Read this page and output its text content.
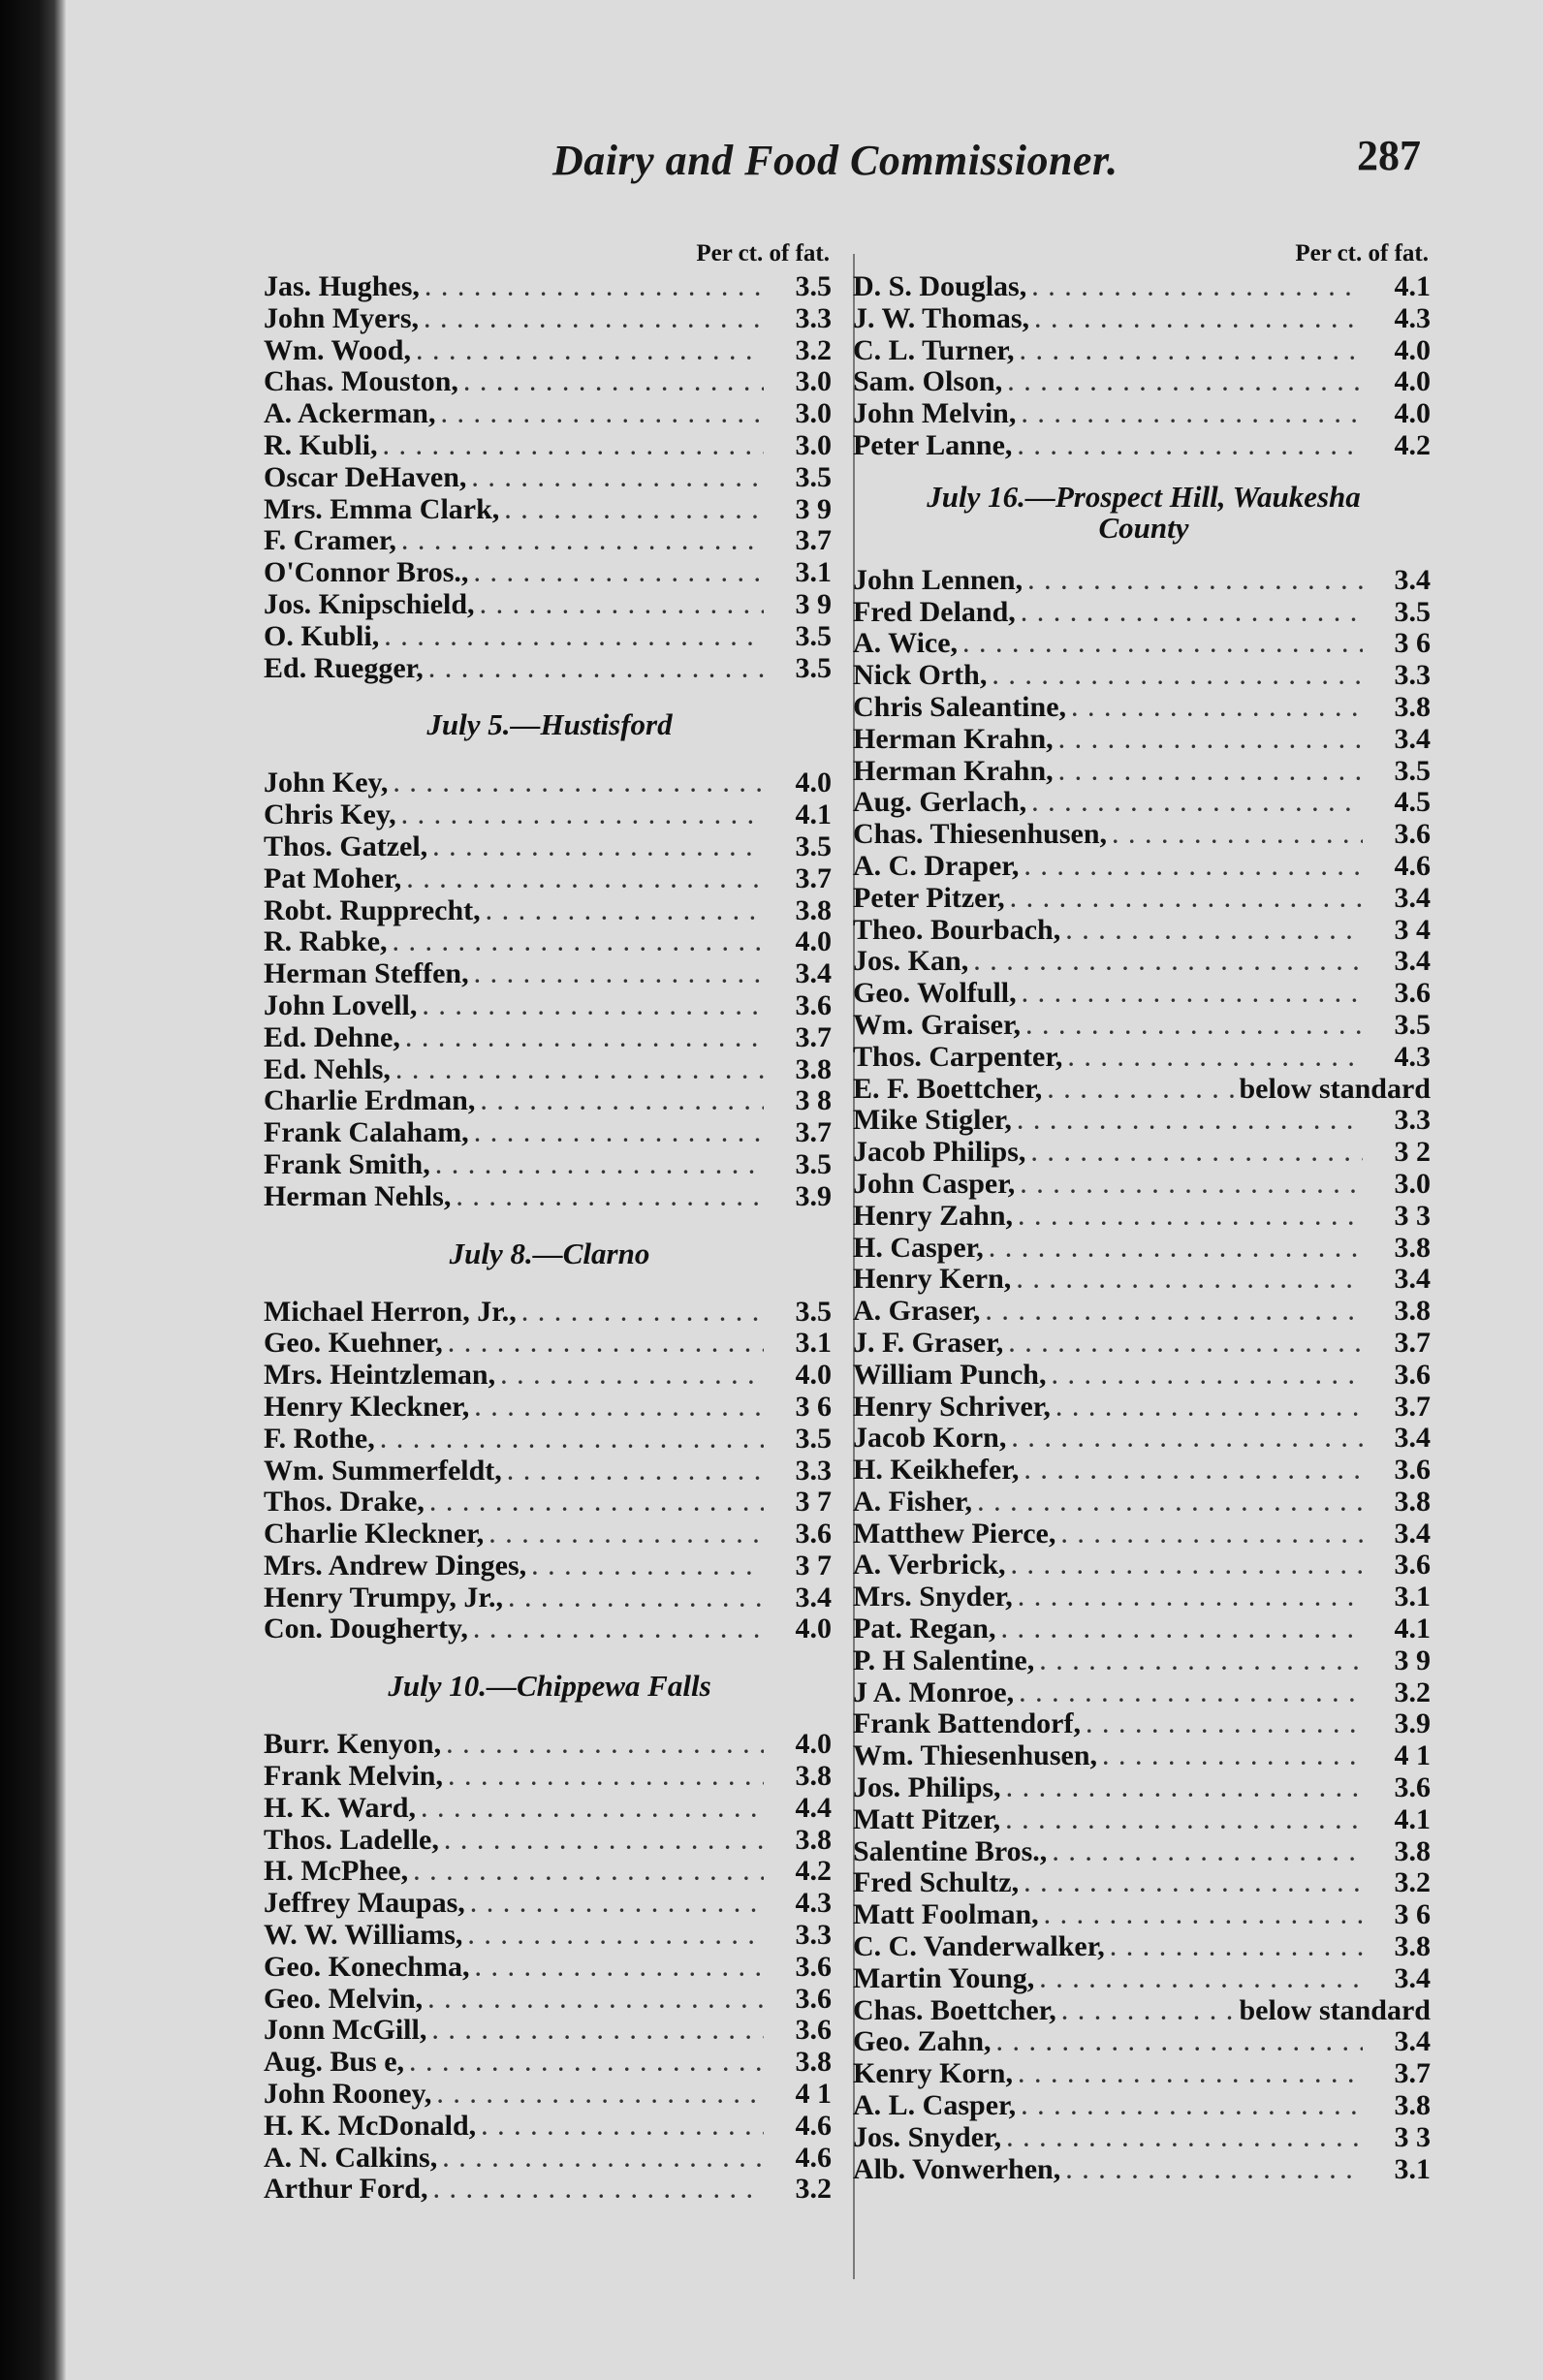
Dairy and Food Commissioner.	287
Per ct. of fat.
Jas. Hughes, . . .	3.5
John Myers, . . .	3.3
Wm. Wood, . . .	3.2
Chas. Mouston, . . .	3.0
A. Ackerman, . . .	3.0
R. Kubli, . . .	3.0
Oscar DeHaven, . . .	3.5
Mrs. Emma Clark, . . .	3 9
F. Cramer, . . .	3.7
O'Connor Bros., . . .	3.1
Jos. Knipschield, . . .	3 9
O. Kubli, . . .	3.5
Ed. Ruegger, . . .	3.5
July 5.—Hustisford
John Key, . . .	4.0
Chris Key, . . .	4.1
Thos. Gatzel, . . .	3.5
Pat Moher, . . .	3.7
Robt. Rupprecht, . . .	3.8
R. Rabke, . . .	4.0
Herman Steffen, . . .	3.4
John Lovell, . . .	3.6
Ed. Dehne, . . .	3.7
Ed. Nehls, . . .	3.8
Charlie Erdman, . . .	3 8
Frank Calaham, . . .	3.7
Frank Smith, . . .	3.5
Herman Nehls, . . .	3.9
July 8.—Clarno
Michael Herron, Jr., . . .	3.5
Geo. Kuehner, . . .	3.1
Mrs. Heintzleman, . . .	4.0
Henry Kleckner, . . .	3 6
F. Rothe, . . .	3.5
Wm. Summerfeldt, . . .	3.3
Thos. Drake, . . .	3 7
Charlie Kleckner, . . .	3.6
Mrs. Andrew Dinges, . . .	3 7
Henry Trumpy, Jr., . . .	3.4
Con. Dougherty, . . .	4.0
July 10.—Chippewa Falls
Burr. Kenyon, . . .	4.0
Frank Melvin, . . .	3.8
H. K. Ward, . . .	4.4
Thos. Ladelle, . . .	3.8
H. McPhee, . . .	4.2
Jeffrey Maupas, . . .	4.3
W. W. Williams, . . .	3.3
Geo. Konechma, . . .	3.6
Geo. Melvin, . . .	3.6
Jonn McGill, . . .	3.6
Aug. Bus e, . . .	3.8
John Rooney, . . .	4 1
H. K. McDonald, . . .	4.6
A. N. Calkins, . . .	4.6
Arthur Ford, . . .	3.2
Per ct. of fat.
D. S. Douglas, . . .	4.1
J. W. Thomas, . . .	4.3
C. L. Turner, . . .	4.0
Sam. Olson, . . .	4.0
John Melvin, . . .	4.0
Peter Lanne, . . .	4.2
July 16.—Prospect Hill, Waukesha County
John Lennen, . . .	3.4
Fred Deland, . . .	3.5
A. Wice, . . .	3 6
Nick Orth, . . .	3.3
Chris Saleantine, . . .	3.8
Herman Krahn, . . .	3.4
Herman Krahn, . . .	3.5
Aug. Gerlach, . . .	4.5
Chas. Thiesenhusen, . . .	3.6
A. C. Draper, . . .	4.6
Peter Pitzer, . . .	3.4
Theo. Bourbach, . . .	3 4
Jos. Kan, . . .	3.4
Geo. Wolfull, . . .	3.6
Wm. Graiser, . . .	3.5
Thos. Carpenter, . . .	4.3
E. F. Boettcher, . . .	below standard
Mike Stigler, . . .	3.3
Jacob Philips, . . .	3 2
John Casper, . . .	3.0
Henry Zahn, . . .	3 3
H. Casper, . . .	3.8
Henry Kern, . . .	3.4
A. Graser, . . .	3.8
J. F. Graser, . . .	3.7
William Punch, . . .	3.6
Henry Schriver, . . .	3.7
Jacob Korn, . . .	3.4
H. Keikhefer, . . .	3.6
A. Fisher, . . .	3.8
Matthew Pierce, . . .	3.4
A. Verbrick, . . .	3.6
Mrs. Snyder, . . .	3.1
Pat. Regan, . . .	4.1
P. H Salentine, . . .	3 9
J A. Monroe, . . .	3.2
Frank Battendorf, . . .	3.9
Wm. Thiesenhusen, . . .	4 1
Jos. Philips, . . .	3.6
Matt Pitzer, . . .	4.1
Salentine Bros., . . .	3.8
Fred Schultz, . . .	3.2
Matt Foolman, . . .	3 6
C. C. Vanderwalker, . . .	3.8
Martin Young, . . .	3.4
Chas. Boettcher, . . .	below standard
Geo. Zahn, . . .	3.4
Kenry Korn, . . .	3.7
A. L. Casper, . . .	3.8
Jos. Snyder, . . .	3 3
Alb. Vonwerhen, . . .	3.1
